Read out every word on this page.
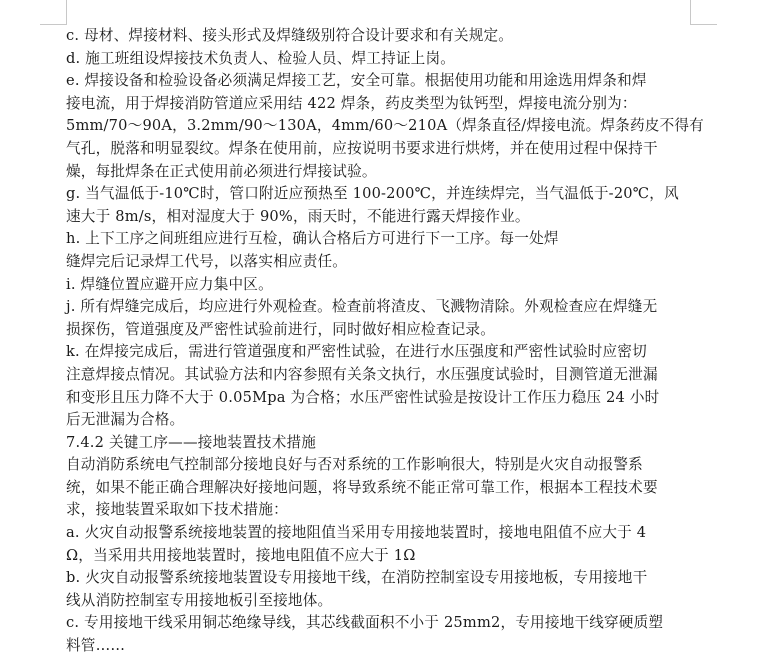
c. 母材、焊接材料、接头形式及焊缝级别符合设计要求和有关规定。
d. 施工班组设焊接技术负责人、检验人员、焊工持证上岗。
e. 焊接设备和检验设备必须满足焊接工艺，安全可靠。根据使用功能和用途选用焊条和焊
接电流，用于焊接消防管道应采用结 422 焊条，药皮类型为钛钙型，焊接电流分别为：
5mm/70～90A，3.2mm/90～130A，4mm/60～210A（焊条直径/焊接电流。焊条药皮不得有
气孔，脱落和明显裂纹。焊条在使用前，应按说明书要求进行烘烤，并在使用过程中保持干
燥，每批焊条在正式使用前必须进行焊接试验。
g. 当气温低于-10℃时，管口附近应预热至 100-200℃，并连续焊完，当气温低于-20℃，风
速大于 8m/s，相对湿度大于 90%，雨天时，不能进行露天焊接作业。
h. 上下工序之间班组应进行互检，确认合格后方可进行下一工序。每一处焊
缝焊完后记录焊工代号，以落实相应责任。
i. 焊缝位置应避开应力集中区。
j. 所有焊缝完成后，均应进行外观检查。检查前将渣皮、飞溅物清除。外观检查应在焊缝无
损探伤，管道强度及严密性试验前进行，同时做好相应检查记录。
k. 在焊接完成后，需进行管道强度和严密性试验，在进行水压强度和严密性试验时应密切
注意焊接点情况。其试验方法和内容参照有关条文执行，水压强度试验时，目测管道无泄漏
和变形且压力降不大于 0.05Mpa 为合格；水压严密性试验是按设计工作压力稳压 24 小时
后无泄漏为合格。
7.4.2 关键工序——接地装置技术措施
自动消防系统电气控制部分接地良好与否对系统的工作影响很大，特别是火灾自动报警系
统，如果不能正确合理解决好接地问题，将导致系统不能正常可靠工作，根据本工程技术要
求，接地装置采取如下技术措施：
a. 火灾自动报警系统接地装置的接地阻值当采用专用接地装置时，接地电阻值不应大于 4
Ω，当采用共用接地装置时，接地电阻值不应大于 1Ω
b. 火灾自动报警系统接地装置设专用接地干线，在消防控制室设专用接地板，专用接地干
线从消防控制室专用接地板引至接地体。
c. 专用接地干线采用铜芯绝缘导线，其芯线截面积不小于 25mm2，专用接地干线穿硬质塑
料管……
